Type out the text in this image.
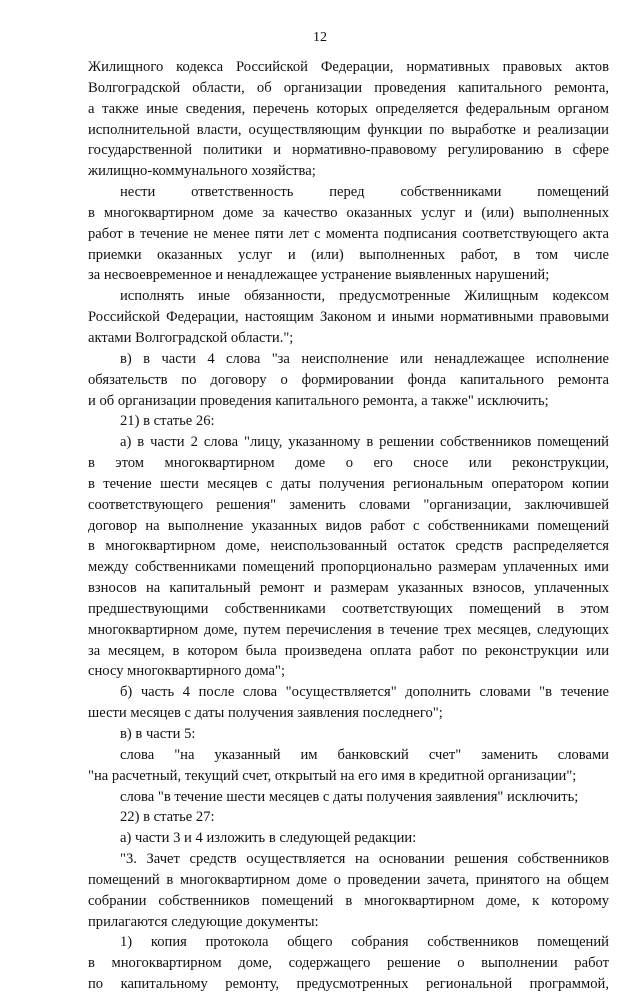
12
Жилищного кодекса Российской Федерации, нормативных правовых актов
Волгоградской области, об организации проведения капитального ремонта,
а также иные сведения, перечень которых определяется федеральным органом
исполнительной власти, осуществляющим функции по выработке и реализации
государственной политики и нормативно-правовому регулированию в сфере
жилищно-коммунального хозяйства;
нести ответственность перед собственниками помещений
в многоквартирном доме за качество оказанных услуг и (или) выполненных
работ в течение не менее пяти лет с момента подписания соответствующего акта
приемки оказанных услуг и (или) выполненных работ, в том числе
за несвоевременное и ненадлежащее устранение выявленных нарушений;
исполнять иные обязанности, предусмотренные Жилищным кодексом
Российской Федерации, настоящим Законом и иными нормативными правовыми
актами Волгоградской области.";
в) в части 4 слова "за неисполнение или ненадлежащее исполнение
обязательств по договору о формировании фонда капитального ремонта
и об организации проведения капитального ремонта, а также" исключить;
21) в статье 26:
а) в части 2 слова "лицу, указанному в решении собственников помещений
в этом многоквартирном доме о его сносе или реконструкции,
в течение шести месяцев с даты получения региональным оператором копии
соответствующего решения" заменить словами "организации, заключившей
договор на выполнение указанных видов работ с собственниками помещений
в многоквартирном доме, неиспользованный остаток средств распределяется
между собственниками помещений пропорционально размерам уплаченных ими
взносов на капитальный ремонт и размерам указанных взносов, уплаченных
предшествующими собственниками соответствующих помещений в этом
многоквартирном доме, путем перечисления в течение трех месяцев, следующих
за месяцем, в котором была произведена оплата работ по реконструкции или
сносу многоквартирного дома";
б) часть 4 после слова "осуществляется" дополнить словами "в течение
шести месяцев с даты получения заявления последнего";
в) в части 5:
слова "на указанный им банковский счет" заменить словами
"на расчетный, текущий счет, открытый на его имя в кредитной организации";
слова "в течение шести месяцев с даты получения заявления" исключить;
22) в статье 27:
а) части 3 и 4 изложить в следующей редакции:
"3. Зачет средств осуществляется на основании решения собственников
помещений в многоквартирном доме о проведении зачета, принятого на общем
собрании собственников помещений в многоквартирном доме, к которому
прилагаются следующие документы:
1) копия протокола общего собрания собственников помещений
в многоквартирном доме, содержащего решение о выполнении работ
по капитальному ремонту, предусмотренных региональной программой,
